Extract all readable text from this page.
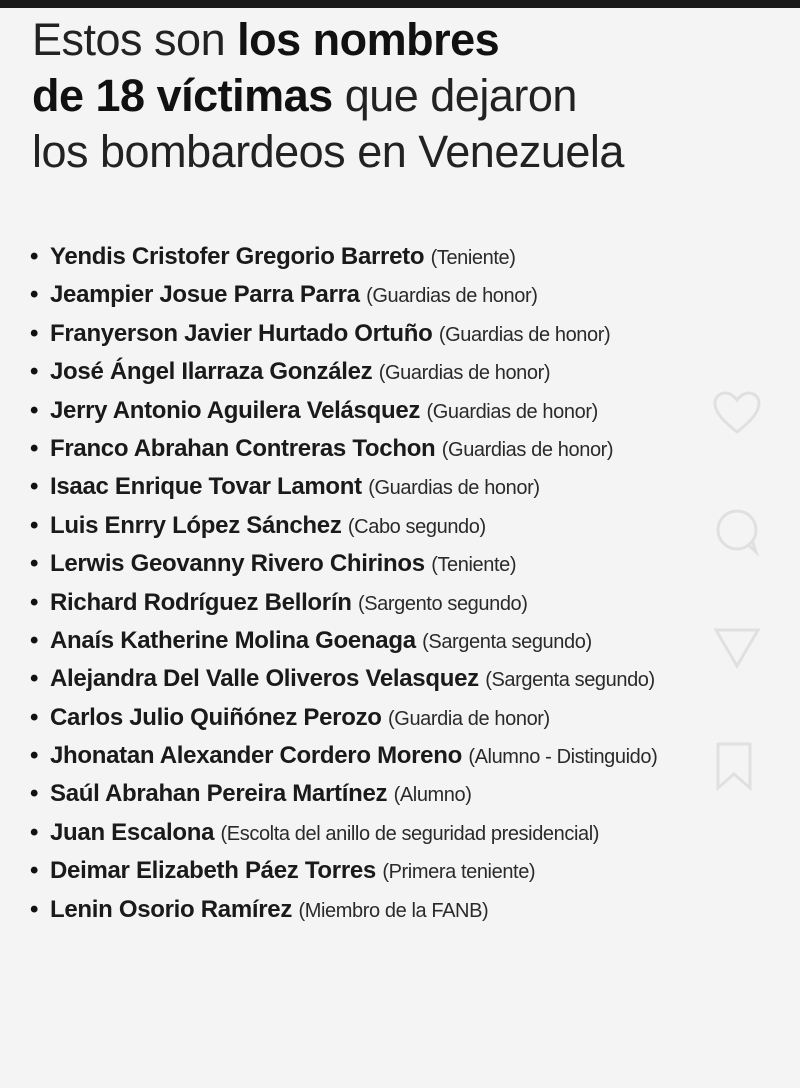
Estos son los nombres
de 18 víctimas que dejaron
los bombardeos en Venezuela
• Yendis Cristofer Gregorio Barreto (Teniente)
• Jeampier Josue Parra Parra (Guardias de honor)
• Franyerson Javier Hurtado Ortuño (Guardias de honor)
• José Ángel Ilarraza González (Guardias de honor)
• Jerry Antonio Aguilera Velásquez (Guardias de honor)
• Franco Abrahan Contreras Tochon (Guardias de honor)
• Isaac Enrique Tovar Lamont (Guardias de honor)
• Luis Enrry López Sánchez (Cabo segundo)
• Lerwis Geovanny Rivero Chirinos (Teniente)
• Richard Rodríguez Bellorín (Sargento segundo)
• Anaís Katherine Molina Goenaga (Sargenta segundo)
• Alejandra Del Valle Oliveros Velasquez (Sargenta segundo)
• Carlos Julio Quiñónez Perozo (Guardia de honor)
• Jhonatan Alexander Cordero Moreno (Alumno - Distinguido)
• Saúl Abrahan Pereira Martínez (Alumno)
• Juan Escalona (Escolta del anillo de seguridad presidencial)
• Deimar Elizabeth Páez Torres (Primera teniente)
• Lenin Osorio Ramírez (Miembro de la FANB)
